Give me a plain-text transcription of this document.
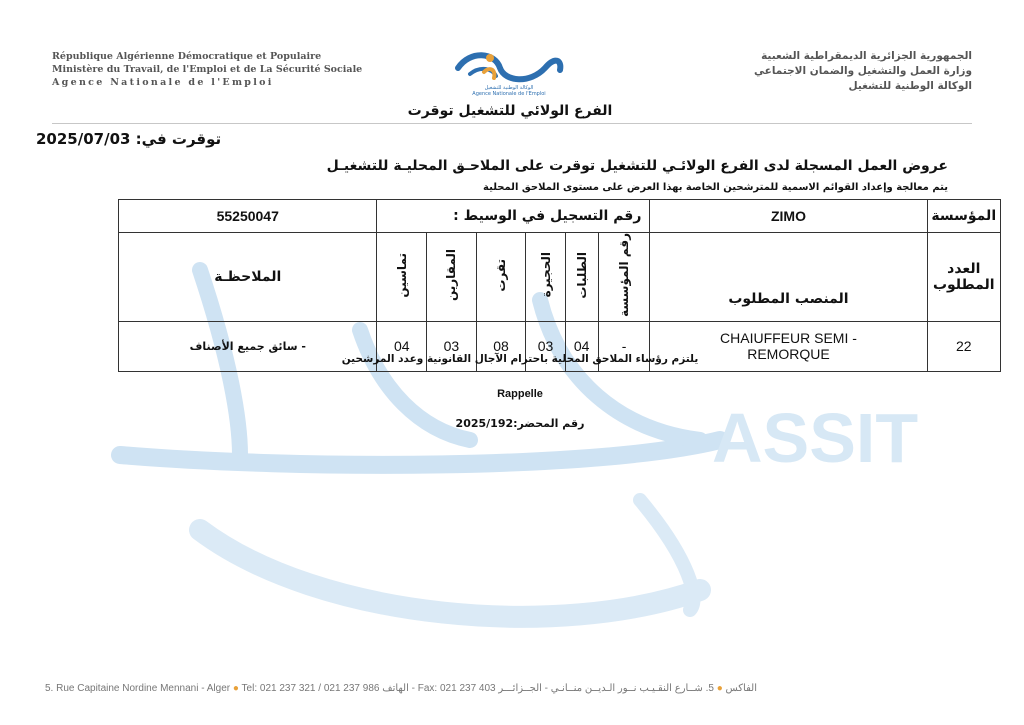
ASSIT
République Algérienne Démocratique et Populaire
Ministère du Travail, de l'Emploi et de La Sécurité Sociale
Agence Nationale de l'Emploi	الوكالة الوطنية للتشغيل
Agence Nationale de l'Emploi
الجمهورية الجزائرية الديمقراطية الشعبية
وزارة العمل والتشغيل والضمان الاجتماعي
الوكالة الوطنية للتشغيل
الفرع الولائي للتشغيل توقرت
توقرت في: 2025/07/03
عروض العمل المسجلة لدى الفرع الولائـي للتشغيل توقرت على الملاحـق المحليـة للتشغيـل
يتم معالجة وإعداد القوائم الاسمية للمترشحين الخاصة بهذا العرض على مستوى الملاحق المحلية
55250047	رقم التسجيل في الوسيط :						ZIMO	المؤسسة
الملاحظـة	تماسين	المقارين	تقرت	الحجيرة	الطلبات	رقم المؤسسة	المنصب المطلوب	العدد المطلوب
- سائق جميع الأصناف	04	03	08	03	04	-	CHAIUFFEUR SEMI - REMORQUE	22
يلتزم رؤساء الملاحق المحلية باحترام الآجال القانونية وعدد المرشحين
Rappelle
رقم المحضر:2025/192
5. Rue Capitaine Nordine Mennani - Alger ● Tel: 021 237 321 / 021 237 986 الهاتف - Fax: 021 237 403	الفاكس ● 5. شــارع النقـيـب نــور الـديــن منــانـي - الجــزائـــر
